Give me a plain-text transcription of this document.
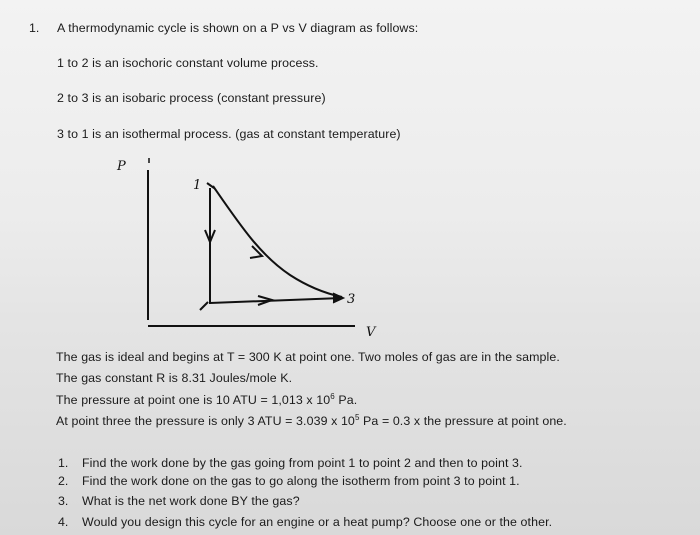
1. A thermodynamic cycle is shown on a P vs V diagram as follows:
1 to 2 is an isochoric constant volume process.
2 to 3 is an isobaric process (constant pressure)
3 to 1 is an isothermal process. (gas at constant temperature)
P
V
1
3
The gas is ideal and begins at T = 300 K at point one. Two moles of gas are in the sample.
The gas constant R is 8.31 Joules/mole K.
The pressure at point one is 10 ATU = 1,013 x $10^6$ Pa.
At point three the pressure is only 3 ATU = 3.039 x $10^5$ Pa = 0.3 x the pressure at point one.
1. Find the work done by the gas going from point 1 to point 2 and then to point 3.
2. Find the work done on the gas to go along the isotherm from point 3 to point 1.
3. What is the net work done BY the gas?
4. Would you design this cycle for an engine or a heat pump? Choose one or the other.
